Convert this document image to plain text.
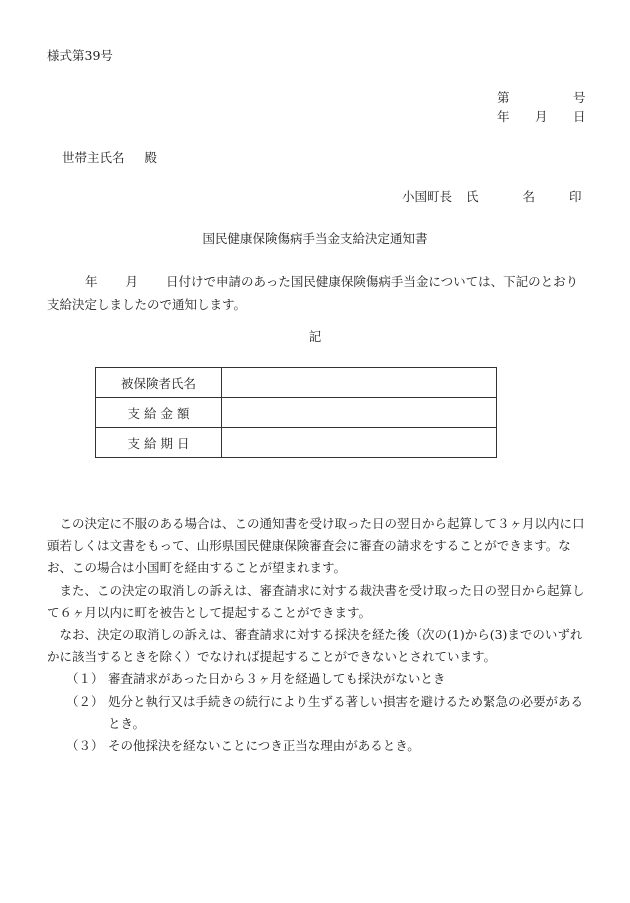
様式第39号
第	号
年 月 日
世帯主氏名 殿
小国町長 氏	名	印
国民健康保険傷病手当金支給決定通知書
年 月 日付けで申請のあった国民健康保険傷病手当金については、下記のとおり支給決定しましたので通知します。
記
被保険者氏名	
支 給 金 額	
支 給 期 日	

この決定に不服のある場合は、この通知書を受け取った日の翌日から起算して３ヶ月以内に口頭若しくは文書をもって、山形県国民健康保険審査会に審査の請求をすることができます。なお、この場合は小国町を経由することが望まれます。

また、この決定の取消しの訴えは、審査請求に対する裁決書を受け取った日の翌日から起算して６ヶ月以内に町を被告として提起することができます。

なお、決定の取消しの訴えは、審査請求に対する採決を経た後（次の(1)から(3)までのいずれかに該当するときを除く）でなければ提起することができないとされています。

（１） 審査請求があった日から３ヶ月を経過しても採決がないとき
（２） 処分と執行又は手続きの続行により生ずる著しい損害を避けるため緊急の必要があるとき。
（３） その他採決を経ないことにつき正当な理由があるとき。
